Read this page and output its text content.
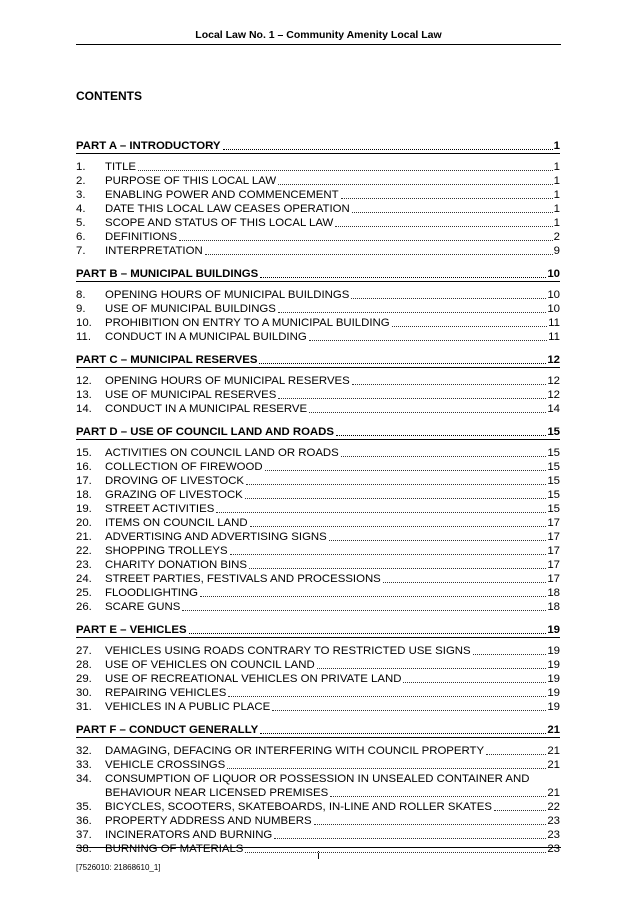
Local Law No. 1 – Community Amenity Local Law
CONTENTS
PART A – INTRODUCTORY	1
1.	TITLE	1
2.	PURPOSE OF THIS LOCAL LAW	1
3.	ENABLING POWER AND COMMENCEMENT	1
4.	DATE THIS LOCAL LAW CEASES OPERATION	1
5.	SCOPE AND STATUS OF THIS LOCAL LAW	1
6.	DEFINITIONS	2
7.	INTERPRETATION	9
PART B – MUNICIPAL BUILDINGS	10
8.	OPENING HOURS OF MUNICIPAL BUILDINGS	10
9.	USE OF MUNICIPAL BUILDINGS	10
10.	PROHIBITION ON ENTRY TO A MUNICIPAL BUILDING	11
11.	CONDUCT IN A MUNICIPAL BUILDING	11
PART C – MUNICIPAL RESERVES	12
12.	OPENING HOURS OF MUNICIPAL RESERVES	12
13.	USE OF MUNICIPAL RESERVES	12
14.	CONDUCT IN A MUNICIPAL RESERVE	14
PART D – USE OF COUNCIL LAND AND ROADS	15
15.	ACTIVITIES ON COUNCIL LAND OR ROADS	15
16.	COLLECTION OF FIREWOOD	15
17.	DROVING OF LIVESTOCK	15
18.	GRAZING OF LIVESTOCK	15
19.	STREET ACTIVITIES	15
20.	ITEMS ON COUNCIL LAND	17
21.	ADVERTISING AND ADVERTISING SIGNS	17
22.	SHOPPING TROLLEYS	17
23.	CHARITY DONATION BINS	17
24.	STREET PARTIES, FESTIVALS AND PROCESSIONS	17
25.	FLOODLIGHTING	18
26.	SCARE GUNS	18
PART E – VEHICLES	19
27.	VEHICLES USING ROADS CONTRARY TO RESTRICTED USE SIGNS	19
28.	USE OF VEHICLES ON COUNCIL LAND	19
29.	USE OF RECREATIONAL VEHICLES ON PRIVATE LAND	19
30.	REPAIRING VEHICLES	19
31.	VEHICLES IN A PUBLIC PLACE	19
PART F – CONDUCT GENERALLY	21
32.	DAMAGING, DEFACING OR INTERFERING WITH COUNCIL PROPERTY	21
33.	VEHICLE CROSSINGS	21
34.	CONSUMPTION OF LIQUOR OR POSSESSION IN UNSEALED CONTAINER AND
BEHAVIOUR NEAR LICENSED PREMISES	21
35.	BICYCLES, SCOOTERS, SKATEBOARDS, IN-LINE AND ROLLER SKATES	22
36.	PROPERTY ADDRESS AND NUMBERS	23
37.	INCINERATORS AND BURNING	23
38.	BURNING OF MATERIALS	23
i
[7526010: 21868610_1]
